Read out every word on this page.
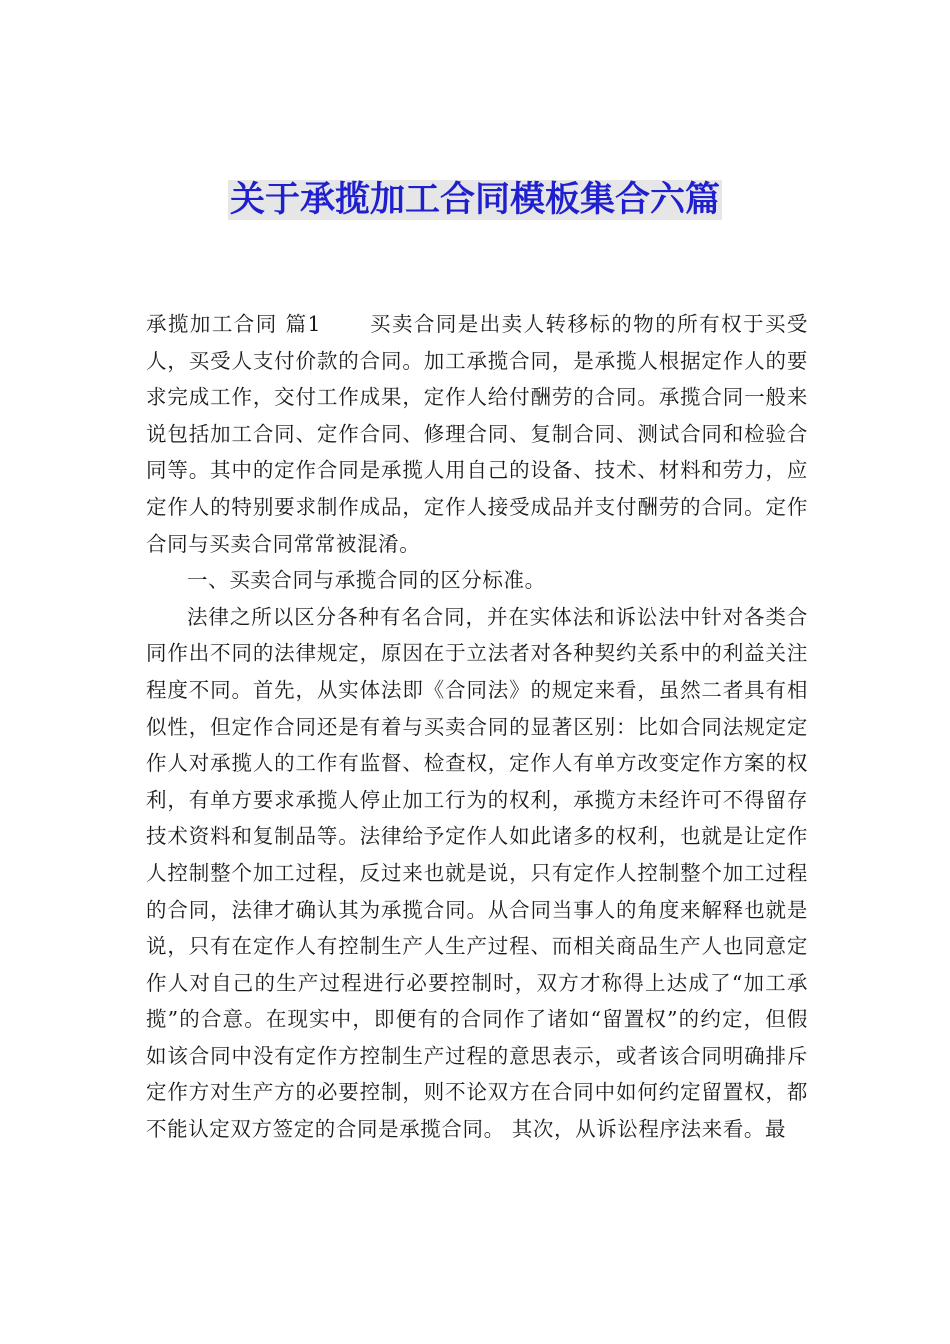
关于承揽加工合同模板集合六篇

承揽加工合同 篇1 买卖合同是出卖人转移标的物的所有权于买受人，买受人支付价款的合同。加工承揽合同，是承揽人根据定作人的要求完成工作，交付工作成果，定作人给付酬劳的合同。承揽合同一般来说包括加工合同、定作合同、修理合同、复制合同、测试合同和检验合同等。其中的定作合同是承揽人用自己的设备、技术、材料和劳力，应定作人的特别要求制作成品，定作人接受成品并支付酬劳的合同。定作合同与买卖合同常常被混淆。

一、买卖合同与承揽合同的区分标准。

法律之所以区分各种有名合同，并在实体法和诉讼法中针对各类合同作出不同的法律规定，原因在于立法者对各种契约关系中的利益关注程度不同。首先，从实体法即《合同法》的规定来看，虽然二者具有相似性，但定作合同还是有着与买卖合同的显著区别：比如合同法规定定作人对承揽人的工作有监督、检查权，定作人有单方改变定作方案的权利，有单方要求承揽人停止加工行为的权利，承揽方未经许可不得留存技术资料和复制品等。法律给予定作人如此诸多的权利，也就是让定作人控制整个加工过程，反过来也就是说，只有定作人控制整个加工过程的合同，法律才确认其为承揽合同。从合同当事人的角度来解释也就是说，只有在定作人有控制生产人生产过程、而相关商品生产人也同意定作人对自己的生产过程进行必要控制时，双方才称得上达成了“加工承揽”的合意。在现实中，即便有的合同作了诸如“留置权”的约定，但假如该合同中没有定作方控制生产过程的意思表示，或者该合同明确排斥定作方对生产方的必要控制，则不论双方在合同中如何约定留置权，都不能认定双方签定的合同是承揽合同。 其次，从诉讼程序法来看。最
